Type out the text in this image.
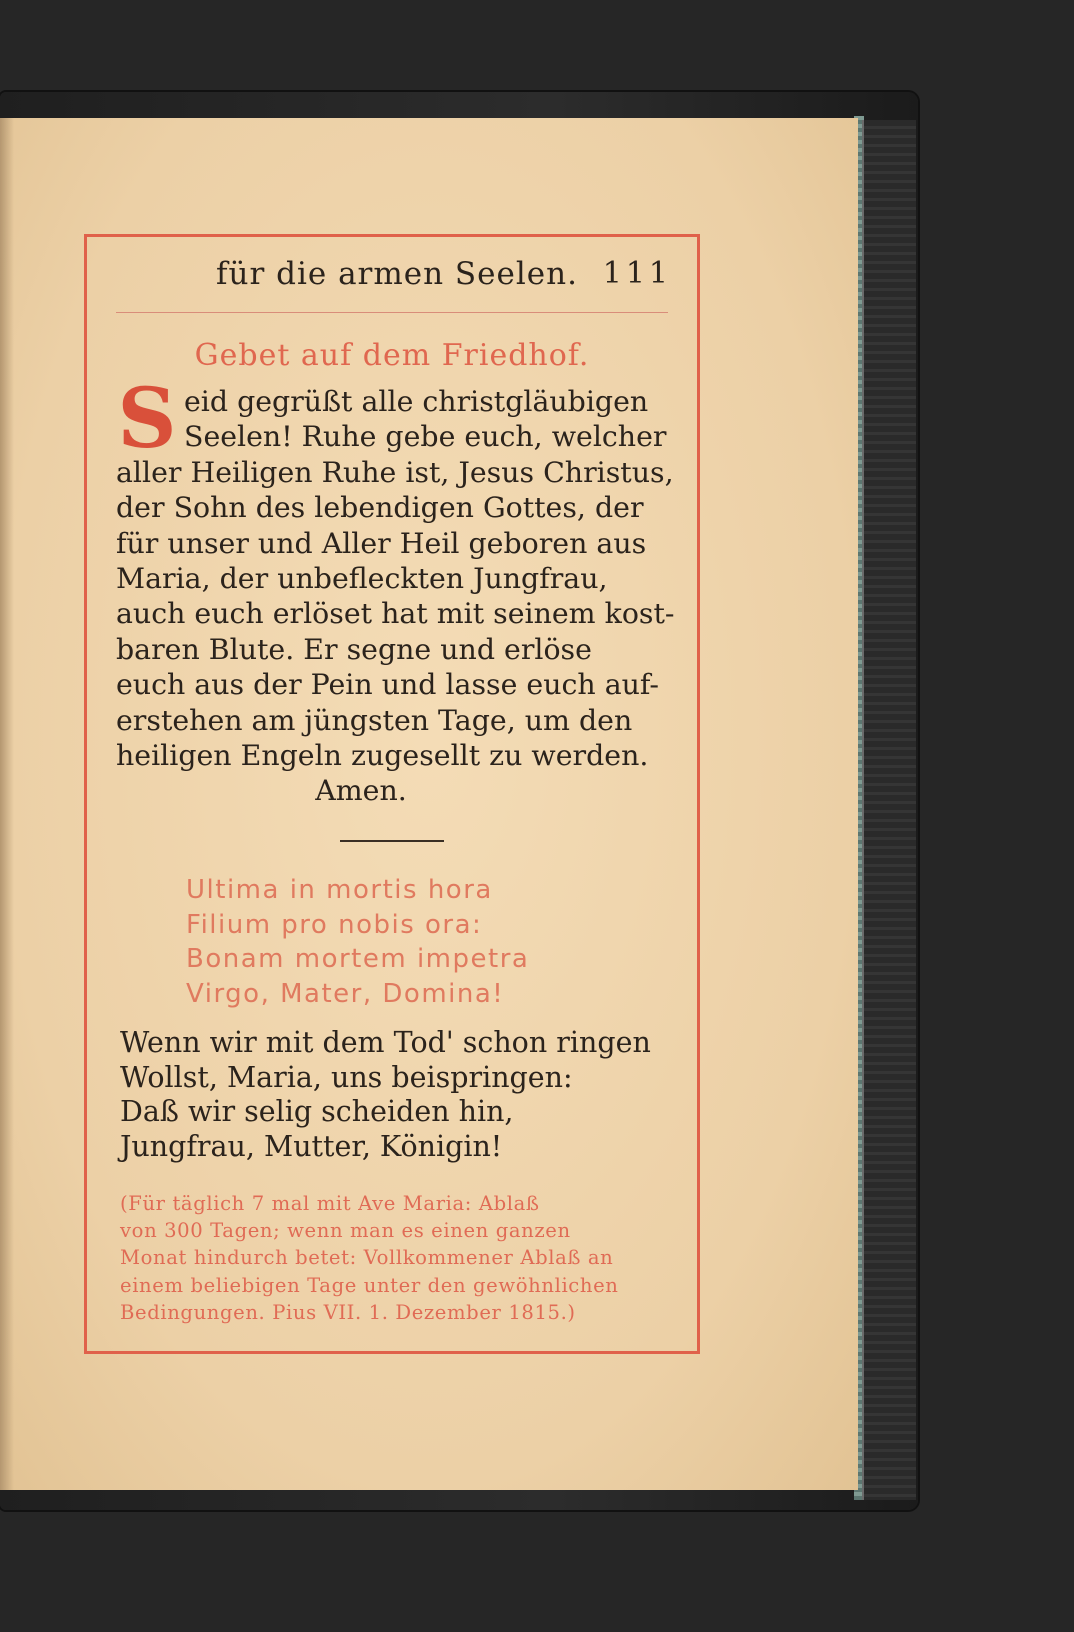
für die armen Seelen. 111
Gebet auf dem Friedhof.
S eid gegrüßt alle christgläubigen
Seelen! Ruhe gebe euch, welcher
aller Heiligen Ruhe ist, Jesus Christus,
der Sohn des lebendigen Gottes, der
für unser und Aller Heil geboren aus
Maria, der unbefleckten Jungfrau,
auch euch erlöset hat mit seinem kost-
baren Blute. Er segne und erlöse
euch aus der Pein und lasse euch auf-
erstehen am jüngsten Tage, um den
heiligen Engeln zugesellt zu werden.
Amen.
Ultima in mortis hora
Filium pro nobis ora:
Bonam mortem impetra
Virgo, Mater, Domina!
Wenn wir mit dem Tod' schon ringen
Wollst, Maria, uns beispringen:
Daß wir selig scheiden hin,
Jungfrau, Mutter, Königin!
(Für täglich 7 mal mit Ave Maria: Ablaß
von 300 Tagen; wenn man es einen ganzen
Monat hindurch betet: Vollkommener Ablaß an
einem beliebigen Tage unter den gewöhnlichen
Bedingungen. Pius VII. 1. Dezember 1815.)
